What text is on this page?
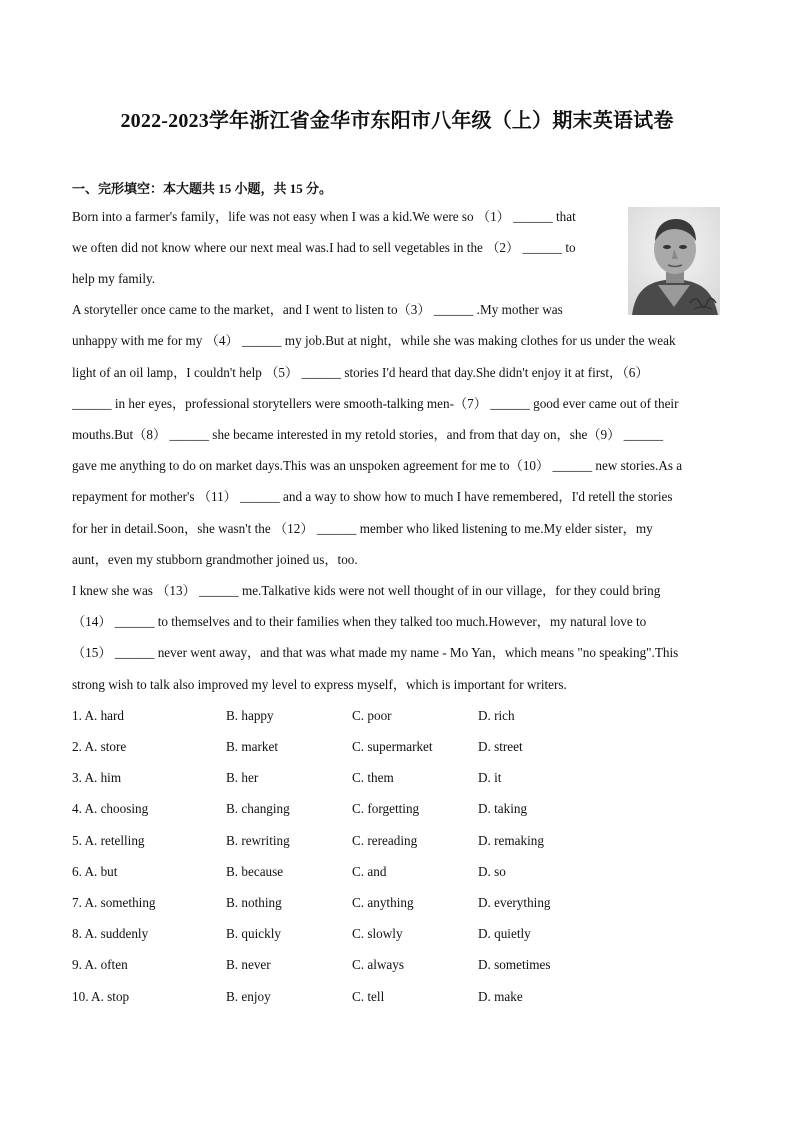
2022-2023学年浙江省金华市东阳市八年级（上）期末英语试卷
一、完形填空：本大题共 15 小题，共 15 分。
Born into a farmer's family，life was not easy when I was a kid.We were so （1） ______ that
we often did not know where our next meal was.I had to sell vegetables in the （2） ______ to
help my family.
A storyteller once came to the market，and I went to listen to（3） ______ .My mother was
unhappy with me for my （4） ______ my job.But at night，while she was making clothes for us under the weak
light of an oil lamp，I couldn't help （5） ______ stories I'd heard that day.She didn't enjoy it at first，（6）
______ in her eyes，professional storytellers were smooth-talking men-（7） ______ good ever came out of their
mouths.But（8） ______ she became interested in my retold stories，and from that day on，she（9） ______
gave me anything to do on market days.This was an unspoken agreement for me to（10） ______ new stories.As a
repayment for mother's （11） ______ and a way to show how to much I have remembered，I'd retell the stories
for her in detail.Soon，she wasn't the （12） ______ member who liked listening to me.My elder sister，my
aunt，even my stubborn grandmother joined us，too.
I knew she was （13） ______ me.Talkative kids were not well thought of in our village，for they could bring
（14） ______ to themselves and to their families when they talked too much.However，my natural love to
（15） ______ never went away，and that was what made my name - Mo Yan，which means "no speaking".This
strong wish to talk also improved my level to express myself，which is important for writers.
1. A. hard	B. happy	C. poor	D. rich
2. A. store	B. market	C. supermarket	D. street
3. A. him	B. her	C. them	D. it
4. A. choosing	B. changing	C. forgetting	D. taking
5. A. retelling	B. rewriting	C. rereading	D. remaking
6. A. but	B. because	C. and	D. so
7. A. something	B. nothing	C. anything	D. everything
8. A. suddenly	B. quickly	C. slowly	D. quietly
9. A. often	B. never	C. always	D. sometimes
10. A. stop	B. enjoy	C. tell	D. make
